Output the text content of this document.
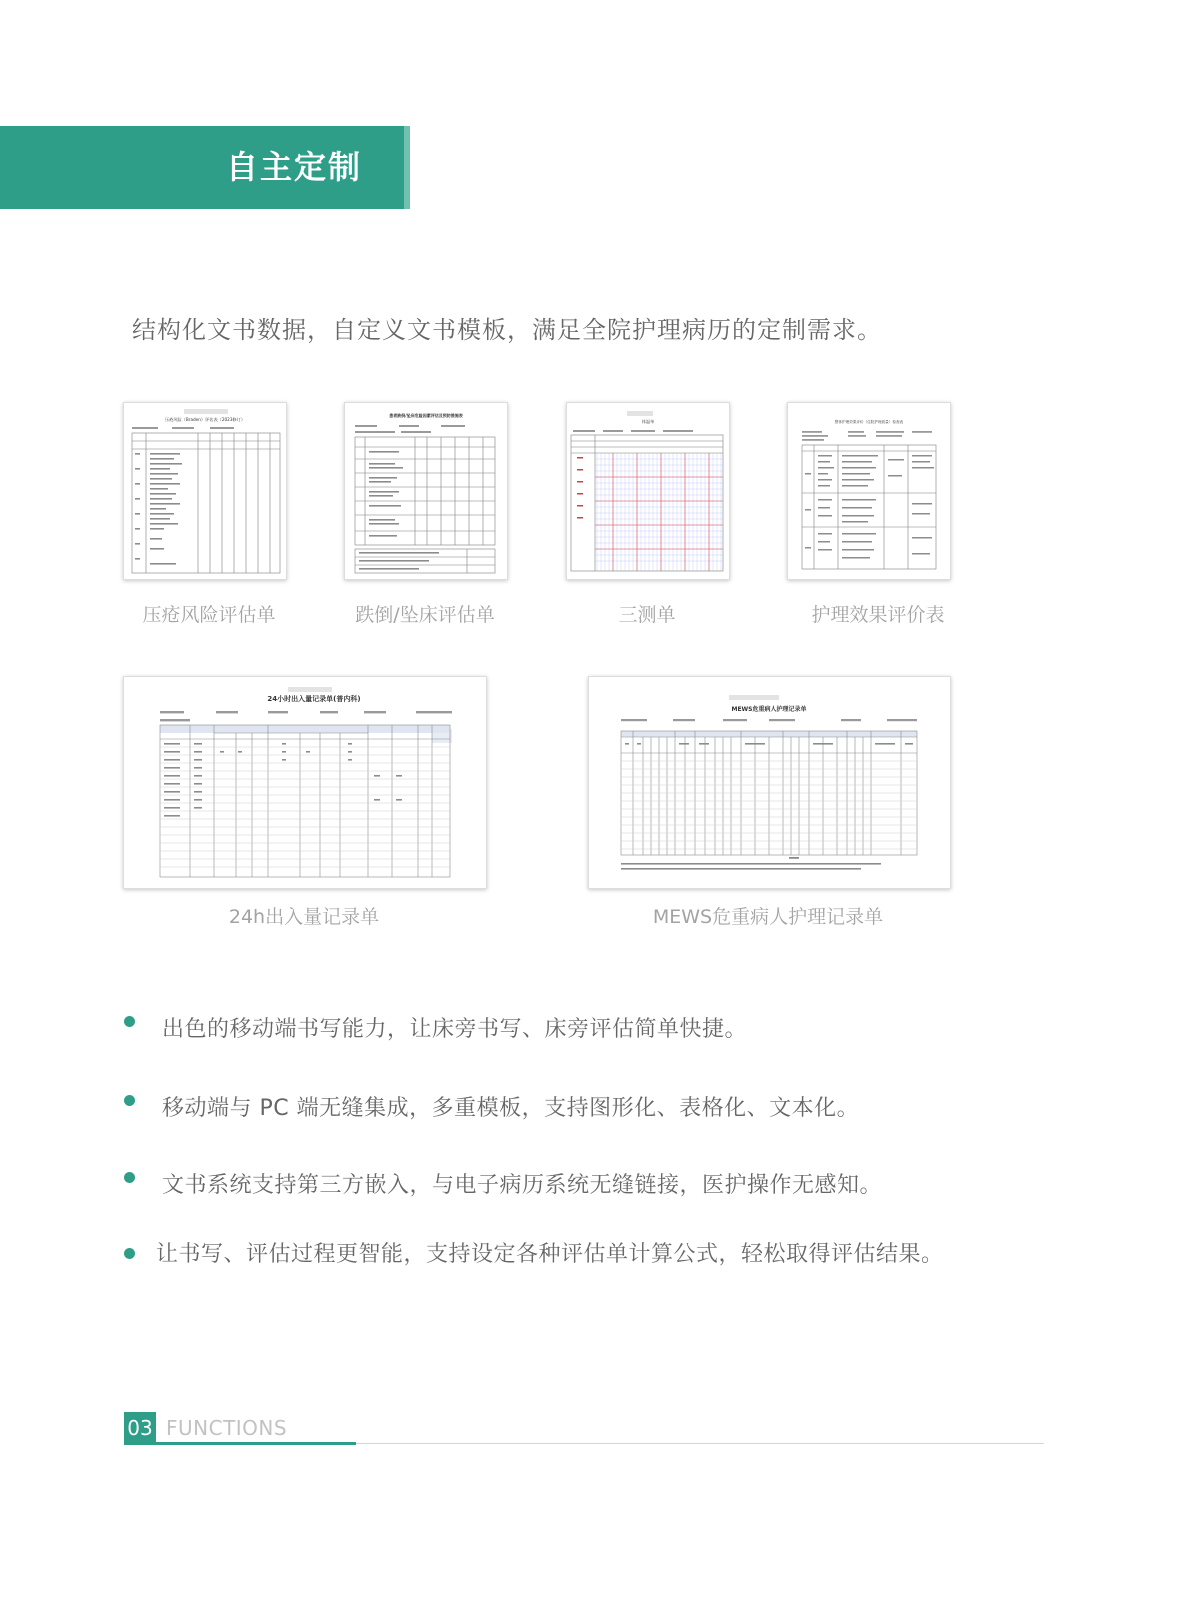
自主定制
结构化文书数据，自定义文书模板，满足全院护理病历的定制需求。
压疮风险（Braden）评估表（2023修订）
患者跌倒/坠床危险因素评估及预防措施表
体温单	整体护理效果评价（住院护理质量）检查表
压疮风险评估单	跌倒/坠床评估单	三测单	护理效果评价表
24小时出入量记录单(普内科)
MEWS危重病人护理记录单
24h出入量记录单	MEWS危重病人护理记录单
出色的移动端书写能力，让床旁书写、床旁评估简单快捷。
移动端与 PC 端无缝集成，多重模板，支持图形化、表格化、文本化。
文书系统支持第三方嵌入，与电子病历系统无缝链接，医护操作无感知。
让书写、评估过程更智能，支持设定各种评估单计算公式，轻松取得评估结果。
03 FUNCTIONS
